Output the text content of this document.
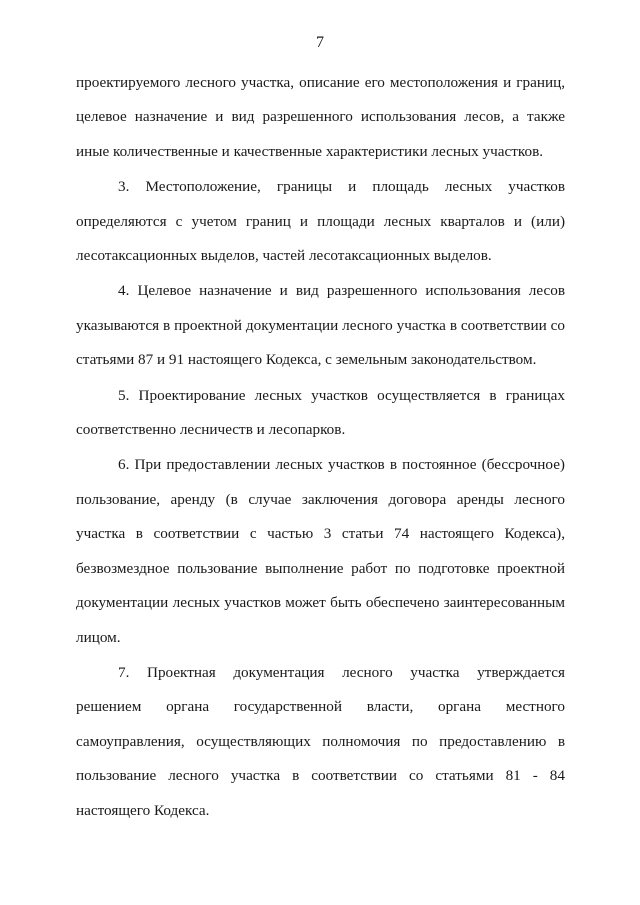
7

проектируемого лесного участка, описание его местоположения и границ, целевое назначение и вид разрешенного использования лесов, а также иные количественные и качественные характеристики лесных участков.

3. Местоположение, границы и площадь лесных участков определяются с учетом границ и площади лесных кварталов и (или) лесотаксационных выделов, частей лесотаксационных выделов.

4. Целевое назначение и вид разрешенного использования лесов указываются в проектной документации лесного участка в соответствии со статьями 87 и 91 настоящего Кодекса, с земельным законодательством.

5. Проектирование лесных участков осуществляется в границах соответственно лесничеств и лесопарков.

6. При предоставлении лесных участков в постоянное (бессрочное) пользование, аренду (в случае заключения договора аренды лесного участка в соответствии с частью 3 статьи 74 настоящего Кодекса), безвозмездное пользование выполнение работ по подготовке проектной документации лесных участков может быть обеспечено заинтересованным лицом.

7. Проектная документация лесного участка утверждается решением органа государственной власти, органа местного самоуправления, осуществляющих полномочия по предоставлению в пользование лесного участка в соответствии со статьями 81 - 84 настоящего Кодекса.
